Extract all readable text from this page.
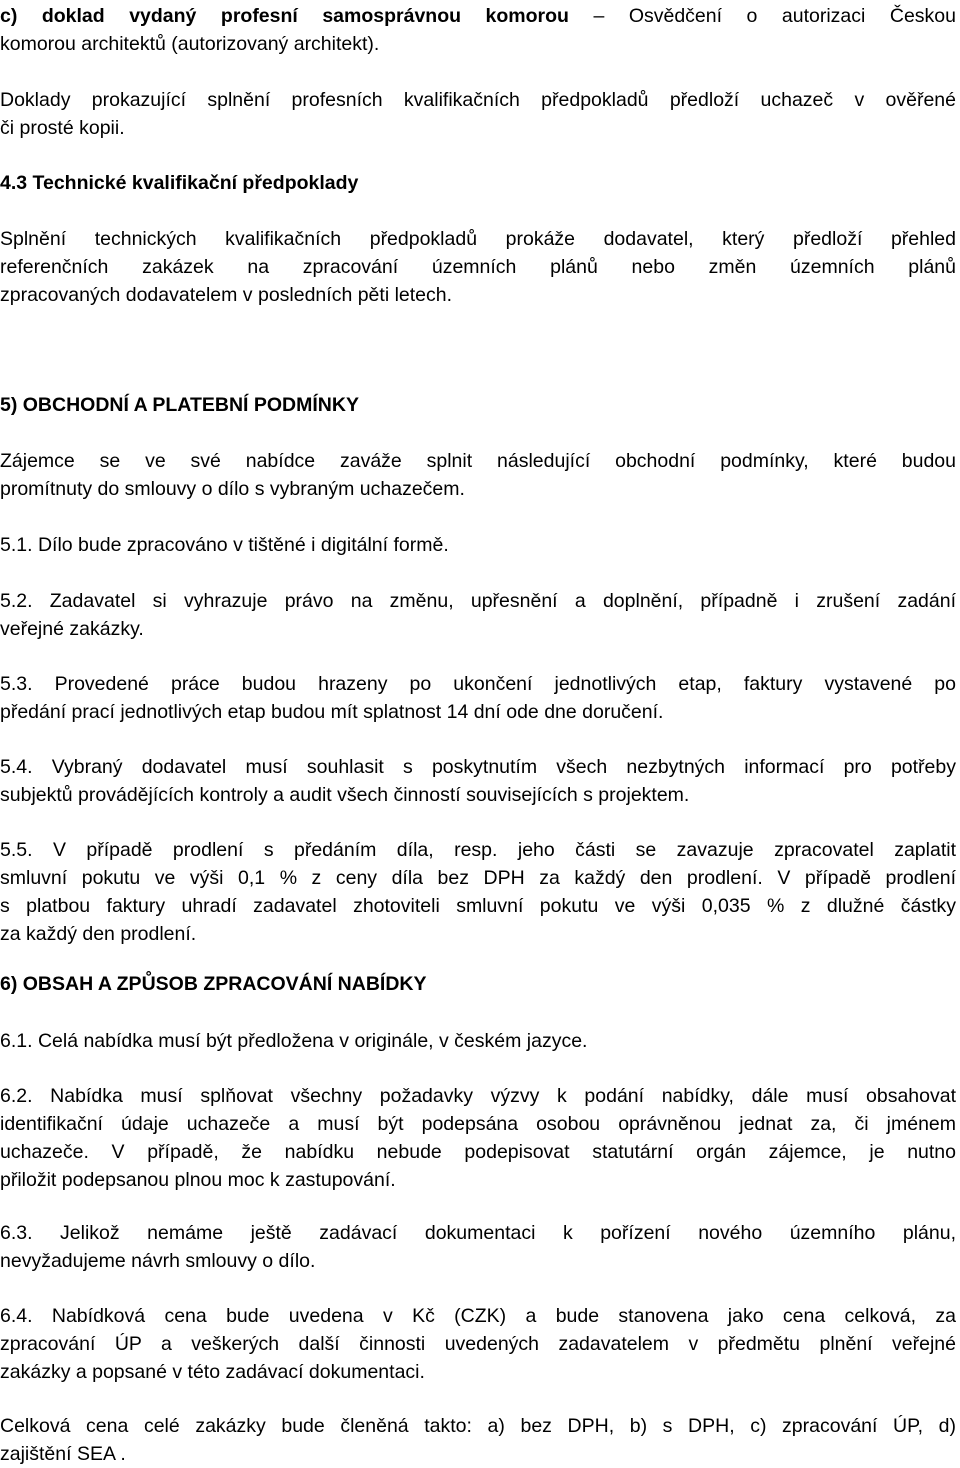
c) doklad vydaný profesní samosprávnou komorou – Osvědčení o autorizaci Českou
komorou architektů (autorizovaný architekt).

Doklady prokazující splnění profesních kvalifikačních předpokladů předloží uchazeč v ověřené
či prosté kopii.

4.3 Technické kvalifikační předpoklady

Splnění technických kvalifikačních předpokladů prokáže dodavatel, který předloží přehled
referenčních zakázek na zpracování územních plánů nebo změn územních plánů
zpracovaných dodavatelem v posledních pěti letech.

5) OBCHODNÍ A PLATEBNÍ PODMÍNKY

Zájemce se ve své nabídce zaváže splnit následující obchodní podmínky, které budou
promítnuty do smlouvy o dílo s vybraným uchazečem.

5.1. Dílo bude zpracováno v tištěné i digitální formě.

5.2. Zadavatel si vyhrazuje právo na změnu, upřesnění a doplnění, případně i zrušení zadání
veřejné zakázky.

5.3. Provedené práce budou hrazeny po ukončení jednotlivých etap, faktury vystavené po
předání prací jednotlivých etap budou mít splatnost 14 dní ode dne doručení.

5.4. Vybraný dodavatel musí souhlasit s poskytnutím všech nezbytných informací pro potřeby
subjektů provádějících kontroly a audit všech činností souvisejících s projektem.

5.5. V případě prodlení s předáním díla, resp. jeho části se zavazuje zpracovatel zaplatit
smluvní pokutu ve výši 0,1 % z ceny díla bez DPH za každý den prodlení. V případě prodlení
s platbou faktury uhradí zadavatel zhotoviteli smluvní pokutu ve výši 0,035 % z dlužné částky
za každý den prodlení.

6) OBSAH A ZPŮSOB ZPRACOVÁNÍ NABÍDKY

6.1. Celá nabídka musí být předložena v originále, v českém jazyce.

6.2. Nabídka musí splňovat všechny požadavky výzvy k podání nabídky, dále musí obsahovat
identifikační údaje uchazeče a musí být podepsána osobou oprávněnou jednat za, či jménem
uchazeče. V případě, že nabídku nebude podepisovat statutární orgán zájemce, je nutno
přiložit podepsanou plnou moc k zastupování.

6.3. Jelikož nemáme ještě zadávací dokumentaci k pořízení nového územního plánu,
nevyžadujeme návrh smlouvy o dílo.

6.4. Nabídková cena bude uvedena v Kč (CZK) a bude stanovena jako cena celková, za
zpracování ÚP a veškerých další činnosti uvedených zadavatelem v předmětu plnění veřejné
zakázky a popsané v této zadávací dokumentaci.

Celková cena celé zakázky bude členěná takto: a) bez DPH, b) s DPH, c) zpracování ÚP, d)
zajištění SEA .
